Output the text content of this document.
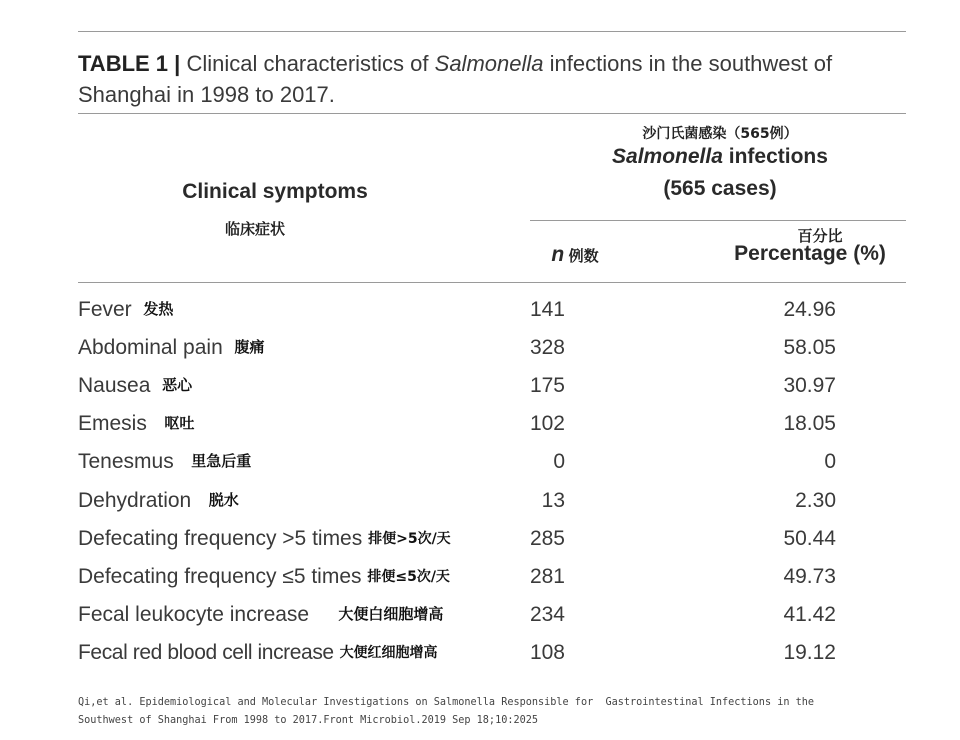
TABLE 1 | Clinical characteristics of Salmonella infections in the southwest of Shanghai in 1998 to 2017.
Clinical symptoms
临床症状
沙门氏菌感染（565例）
Salmonella infections
(565 cases)
n 例数
百分比
Percentage (%)
Fever 发热	141	24.96
Abdominal pain 腹痛	328	58.05
Nausea 恶心	175	30.97
Emesis 呕吐	102	18.05
Tenesmus 里急后重	0	0
Dehydration 脱水	13	2.30
Defecating frequency >5 times 排便>5次/天	285	50.44
Defecating frequency ≤5 times 排便≤5次/天	281	49.73
Fecal leukocyte increase 大便白细胞增高	234	41.42
Fecal red blood cell increase 大便红细胞增高	108	19.12
Qi,et al. Epidemiological and Molecular Investigations on Salmonella Responsible for  Gastrointestinal Infections in the
Southwest of Shanghai From 1998 to 2017.Front Microbiol.2019 Sep 18;10:2025
